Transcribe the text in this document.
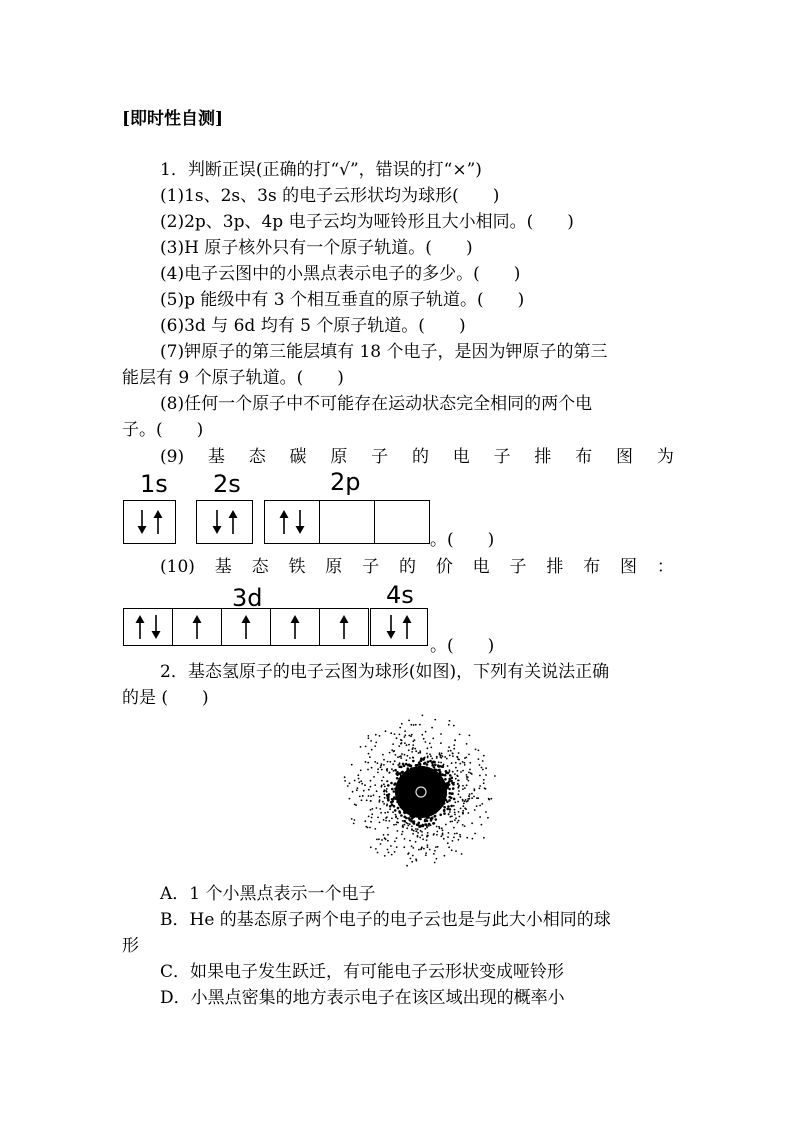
[即时性自测]
1．判断正误(正确的打“√”，错误的打“×”)
(1)1s、2s、3s 的电子云形状均为球形(　　)
(2)2p、3p、4p 电子云均为哑铃形且大小相同。(　　)
(3)H 原子核外只有一个原子轨道。(　　)
(4)电子云图中的小黑点表示电子的多少。(　　)
(5)p 能级中有 3 个相互垂直的原子轨道。(　　)
(6)3d 与 6d 均有 5 个原子轨道。(　　)
(7)钾原子的第三能层填有 18 个电子，是因为钾原子的第三
能层有 9 个原子轨道。(　　)
(8)任何一个原子中不可能存在运动状态完全相同的两个电
子。(　　)
(9) 基 态 碳 原 子 的 电 子 排 布 图 为
1s 2s	2p
。(　　)
(10) 基 态 铁 原 子 的 价 电 子 排 布 图 ：
3d	4s
。(　　)
2．基态氢原子的电子云图为球形(如图)，下列有关说法正确
的是 (　　)
A．1 个小黑点表示一个电子
B．He 的基态原子两个电子的电子云也是与此大小相同的球
形
C．如果电子发生跃迁，有可能电子云形状变成哑铃形
D．小黑点密集的地方表示电子在该区域出现的概率小
